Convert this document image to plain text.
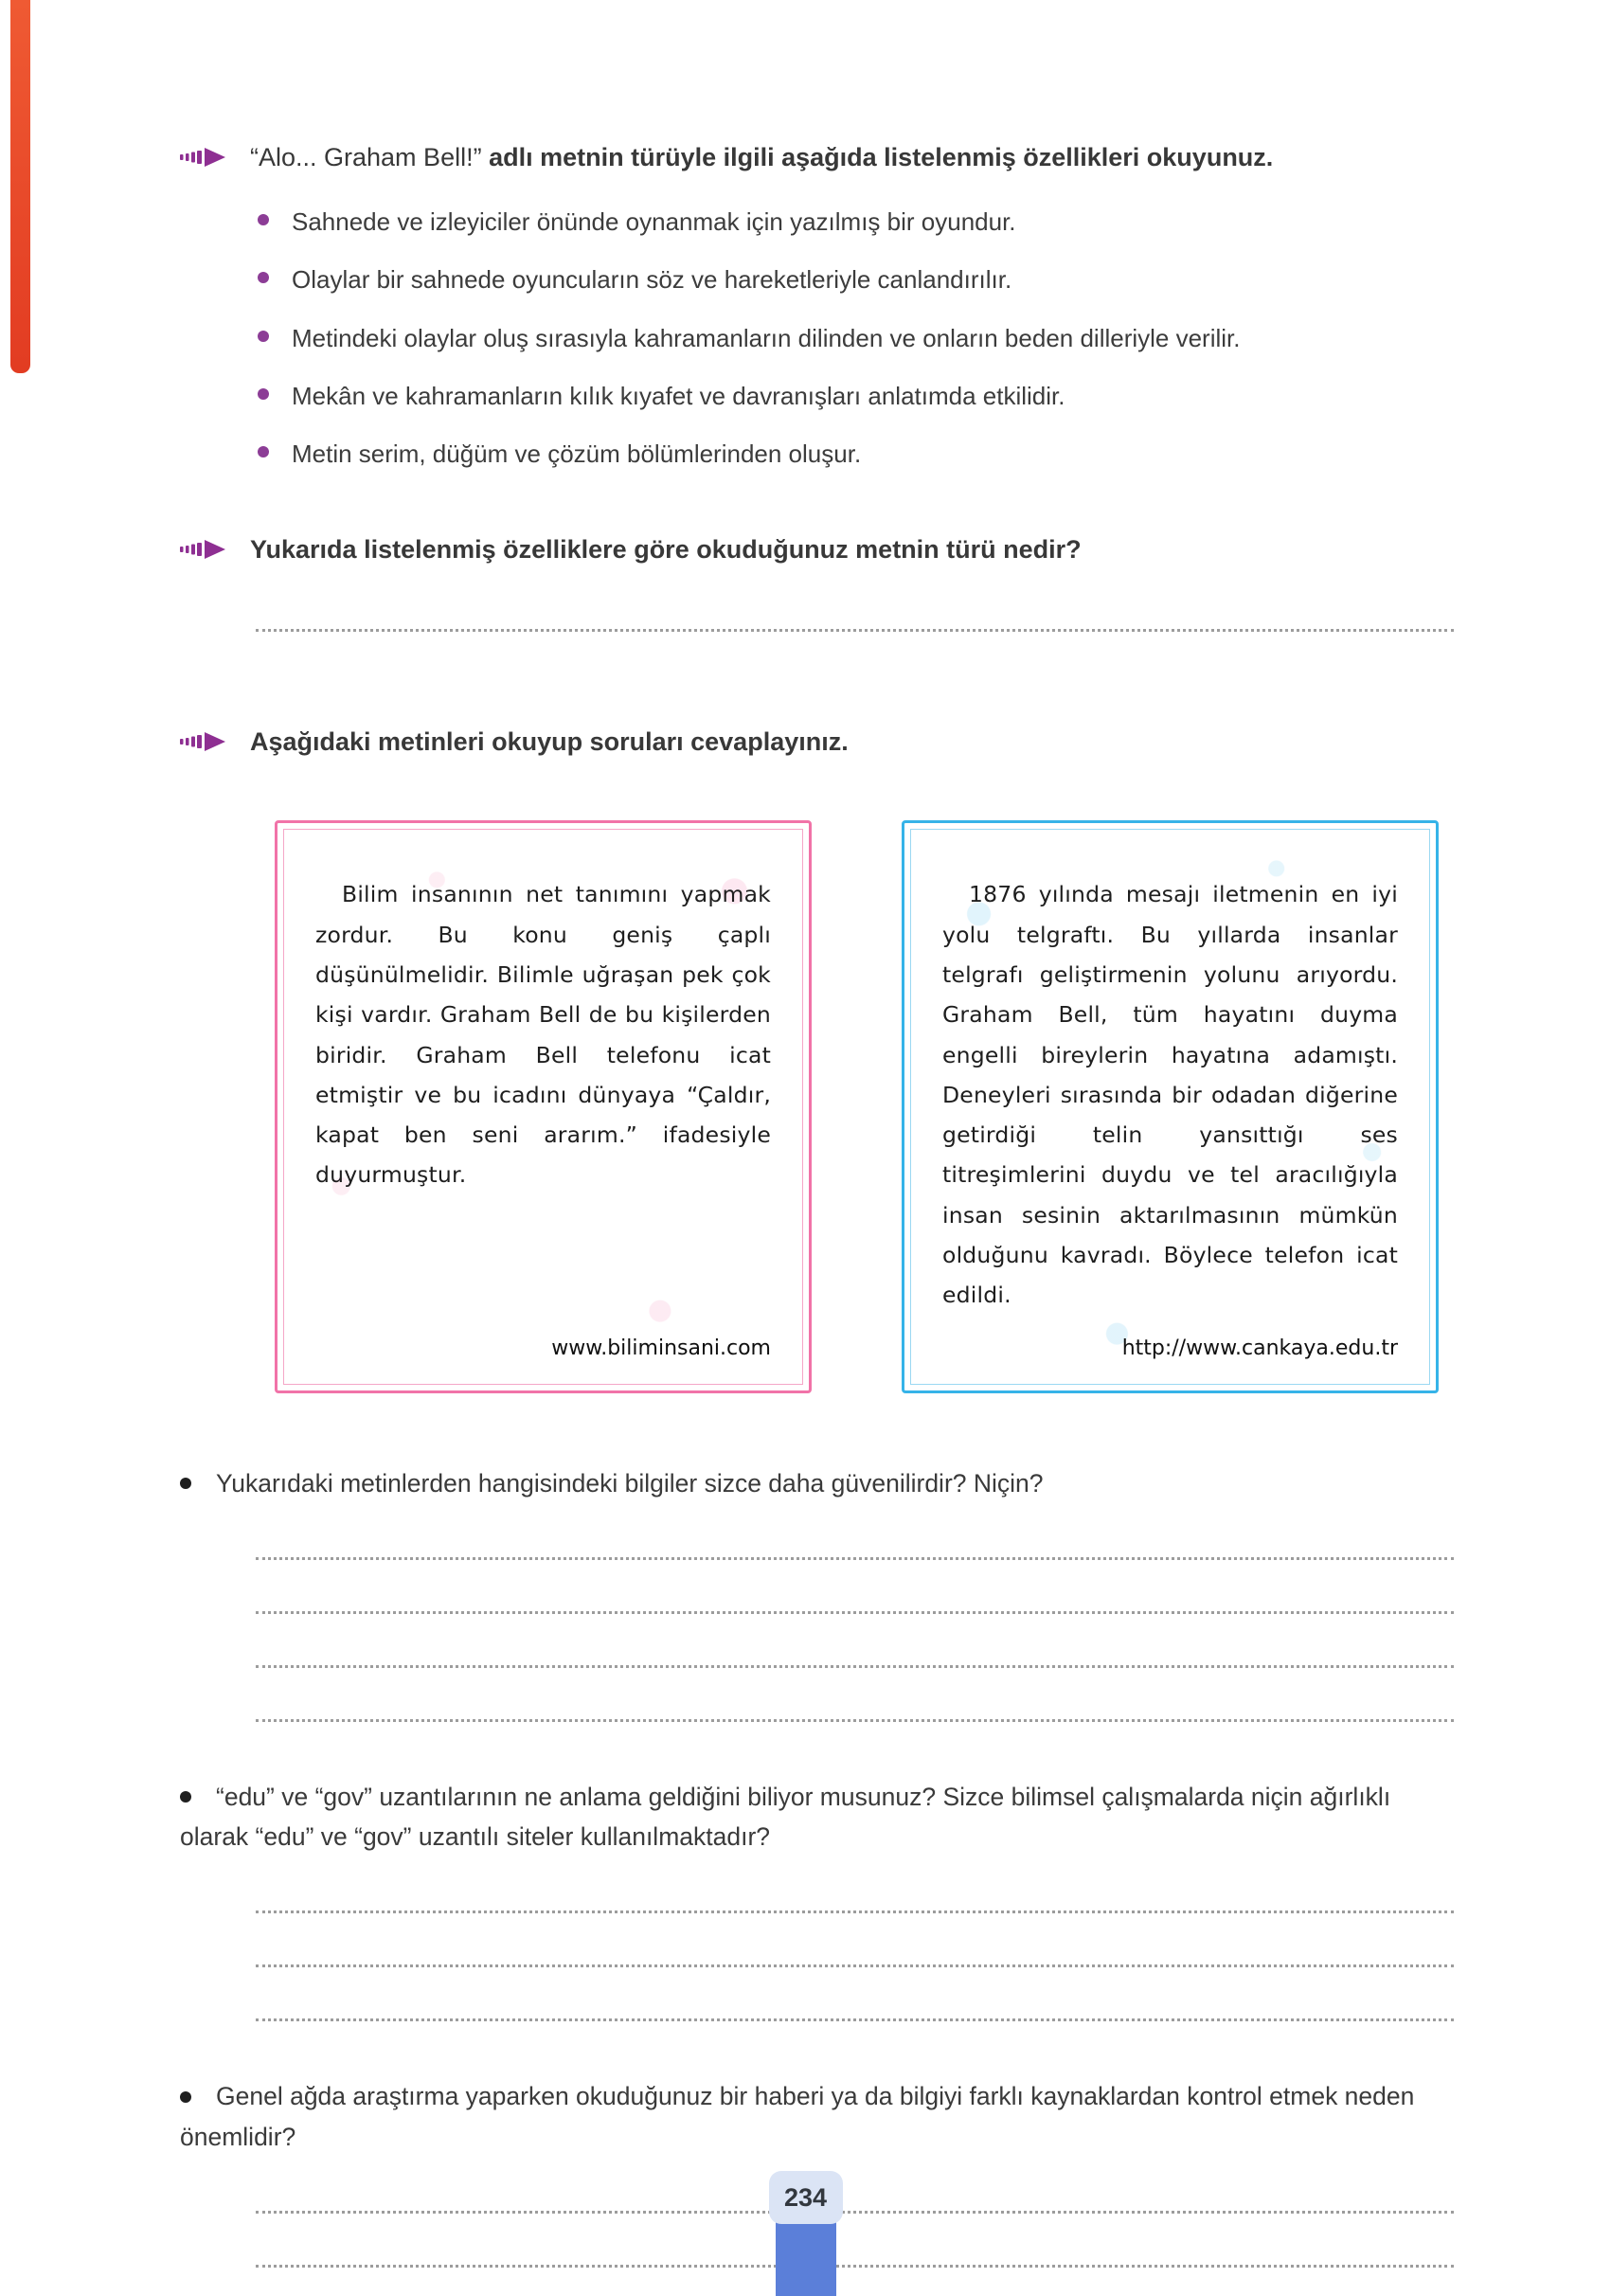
“Alo... Graham Bell!” adlı metnin türüyle ilgili aşağıda listelenmiş özellikleri okuyunuz.

Sahnede ve izleyiciler önünde oynanmak için yazılmış bir oyundur.
Olaylar bir sahnede oyuncuların söz ve hareketleriyle canlandırılır.
Metindeki olaylar oluş sırasıyla kahramanların dilinden ve onların beden dilleriyle verilir.
Mekân ve kahramanların kılık kıyafet ve davranışları anlatımda etkilidir.
Metin serim, düğüm ve çözüm bölümlerinden oluşur.

Yukarıda listelenmiş özelliklere göre okuduğunuz metnin türü nedir?

Aşağıdaki metinleri okuyup soruları cevaplayınız.

Bilim insanının net tanımını yapmak zordur. Bu konu geniş çaplı düşünülmelidir. Bilimle uğraşan pek çok kişi vardır. Graham Bell de bu kişilerden biridir. Graham Bell telefonu icat etmiştir ve bu icadını dünyaya “Çaldır, kapat ben seni ararım.” ifadesiyle duyurmuştur.

www.biliminsani.com

1876 yılında mesajı iletmenin en iyi yolu telgraftı. Bu yıllarda insanlar telgrafı geliştirmenin yolunu arıyordu. Graham Bell, tüm hayatını duyma engelli bireylerin hayatına adamıştı. Deneyleri sırasında bir odadan diğerine getirdiği telin yansıttığı ses titreşimlerini duydu ve tel aracılığıyla insan sesinin aktarılmasının mümkün olduğunu kavradı. Böylece telefon icat edildi.

http://www.cankaya.edu.tr

Yukarıdaki metinlerden hangisindeki bilgiler sizce daha güvenilirdir? Niçin?

“edu” ve “gov” uzantılarının ne anlama geldiğini biliyor musunuz? Sizce bilimsel çalışmalarda niçin ağırlıklı olarak “edu” ve “gov” uzantılı siteler kullanılmaktadır?

Genel ağda araştırma yaparken okuduğunuz bir haberi ya da bilgiyi farklı kaynaklardan kontrol etmek neden önemlidir?

234
